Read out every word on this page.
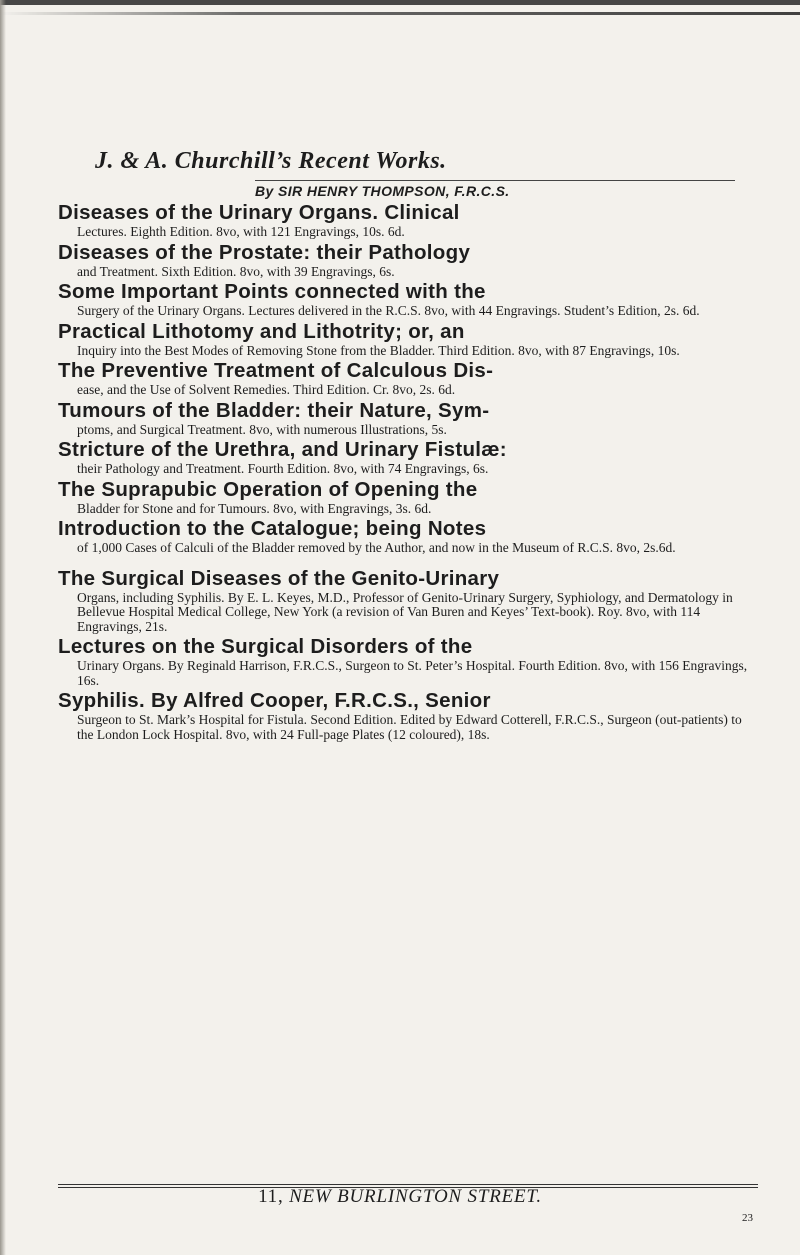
J. & A. Churchill’s Recent Works.
By SIR HENRY THOMPSON, F.R.C.S.
Diseases of the Urinary Organs. Clinical
Lectures. Eighth Edition. 8vo, with 121 Engravings, 10s. 6d.
Diseases of the Prostate: their Pathology
and Treatment. Sixth Edition. 8vo, with 39 Engravings, 6s.
Some Important Points connected with the
Surgery of the Urinary Organs. Lectures delivered in the R.C.S. 8vo, with 44 Engravings. Student’s Edition, 2s. 6d.
Practical Lithotomy and Lithotrity; or, an
Inquiry into the Best Modes of Removing Stone from the Bladder. Third Edition. 8vo, with 87 Engravings, 10s.
The Preventive Treatment of Calculous Dis-
ease, and the Use of Solvent Remedies. Third Edition. Cr. 8vo, 2s. 6d.
Tumours of the Bladder: their Nature, Sym-
ptoms, and Surgical Treatment. 8vo, with numerous Illustrations, 5s.
Stricture of the Urethra, and Urinary Fistulæ:
their Pathology and Treatment. Fourth Edition. 8vo, with 74 Engravings, 6s.
The Suprapubic Operation of Opening the
Bladder for Stone and for Tumours. 8vo, with Engravings, 3s. 6d.
Introduction to the Catalogue; being Notes
of 1,000 Cases of Calculi of the Bladder removed by the Author, and now in the Museum of R.C.S. 8vo, 2s.6d.
The Surgical Diseases of the Genito-Urinary
Organs, including Syphilis. By E. L. Keyes, M.D., Professor of Genito-Urinary Surgery, Syphiology, and Dermatology in Bellevue Hospital Medical College, New York (a revision of Van Buren and Keyes’ Text-book). Roy. 8vo, with 114 Engravings, 21s.
Lectures on the Surgical Disorders of the
Urinary Organs. By Reginald Harrison, F.R.C.S., Surgeon to St. Peter’s Hospital. Fourth Edition. 8vo, with 156 Engravings, 16s.
Syphilis. By Alfred Cooper, F.R.C.S., Senior
Surgeon to St. Mark’s Hospital for Fistula. Second Edition. Edited by Edward Cotterell, F.R.C.S., Surgeon (out-patients) to the London Lock Hospital. 8vo, with 24 Full-page Plates (12 coloured), 18s.
11, NEW BURLINGTON STREET.
23
